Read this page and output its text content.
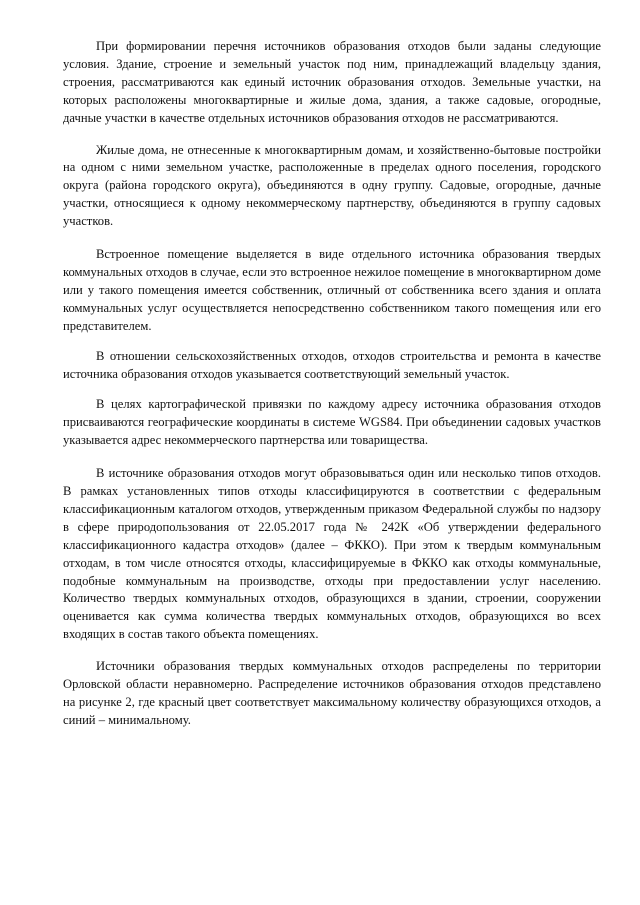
При формировании перечня источников образования отходов были заданы следующие условия. Здание, строение и земельный участок под ним, принадлежащий владельцу здания, строения, рассматриваются как единый источник образования отходов. Земельные участки, на которых расположены многоквартирные и жилые дома, здания, а также садовые, огородные, дачные участки в качестве отдельных источников образования отходов не рассматриваются.

Жилые дома, не отнесенные к многоквартирным домам, и хозяйственно-бытовые постройки на одном с ними земельном участке, расположенные в пределах одного поселения, городского округа (района городского округа), объединяются в одну группу. Садовые, огородные, дачные участки, относящиеся к одному некоммерческому партнерству, объединяются в группу садовых участков.

Встроенное помещение выделяется в виде отдельного источника образования твердых коммунальных отходов в случае, если это встроенное нежилое помещение в многоквартирном доме или у такого помещения имеется собственник, отличный от собственника всего здания и оплата коммунальных услуг осуществляется непосредственно собственником такого помещения или его представителем.

В отношении сельскохозяйственных отходов, отходов строительства и ремонта в качестве источника образования отходов указывается соответствующий земельный участок.

В целях картографической привязки по каждому адресу источника образования отходов присваиваются географические координаты в системе WGS84. При объединении садовых участков указывается адрес некоммерческого партнерства или товарищества.

В источнике образования отходов могут образовываться один или несколько типов отходов. В рамках установленных типов отходы классифицируются в соответствии с федеральным классификационным каталогом отходов, утвержденным приказом Федеральной службы по надзору в сфере природопользования от 22.05.2017 года № 242К «Об утверждении федерального классификационного кадастра отходов» (далее – ФККО). При этом к твердым коммунальным отходам, в том числе относятся отходы, классифицируемые в ФККО как отходы коммунальные, подобные коммунальным на производстве, отходы при предоставлении услуг населению. Количество твердых коммунальных отходов, образующихся в здании, строении, сооружении оценивается как сумма количества твердых коммунальных отходов, образующихся во всех входящих в состав такого объекта помещениях.

Источники образования твердых коммунальных отходов распределены по территории Орловской области неравномерно. Распределение источников образования отходов представлено на рисунке 2, где красный цвет соответствует максимальному количеству образующихся отходов, а синий – минимальному.
